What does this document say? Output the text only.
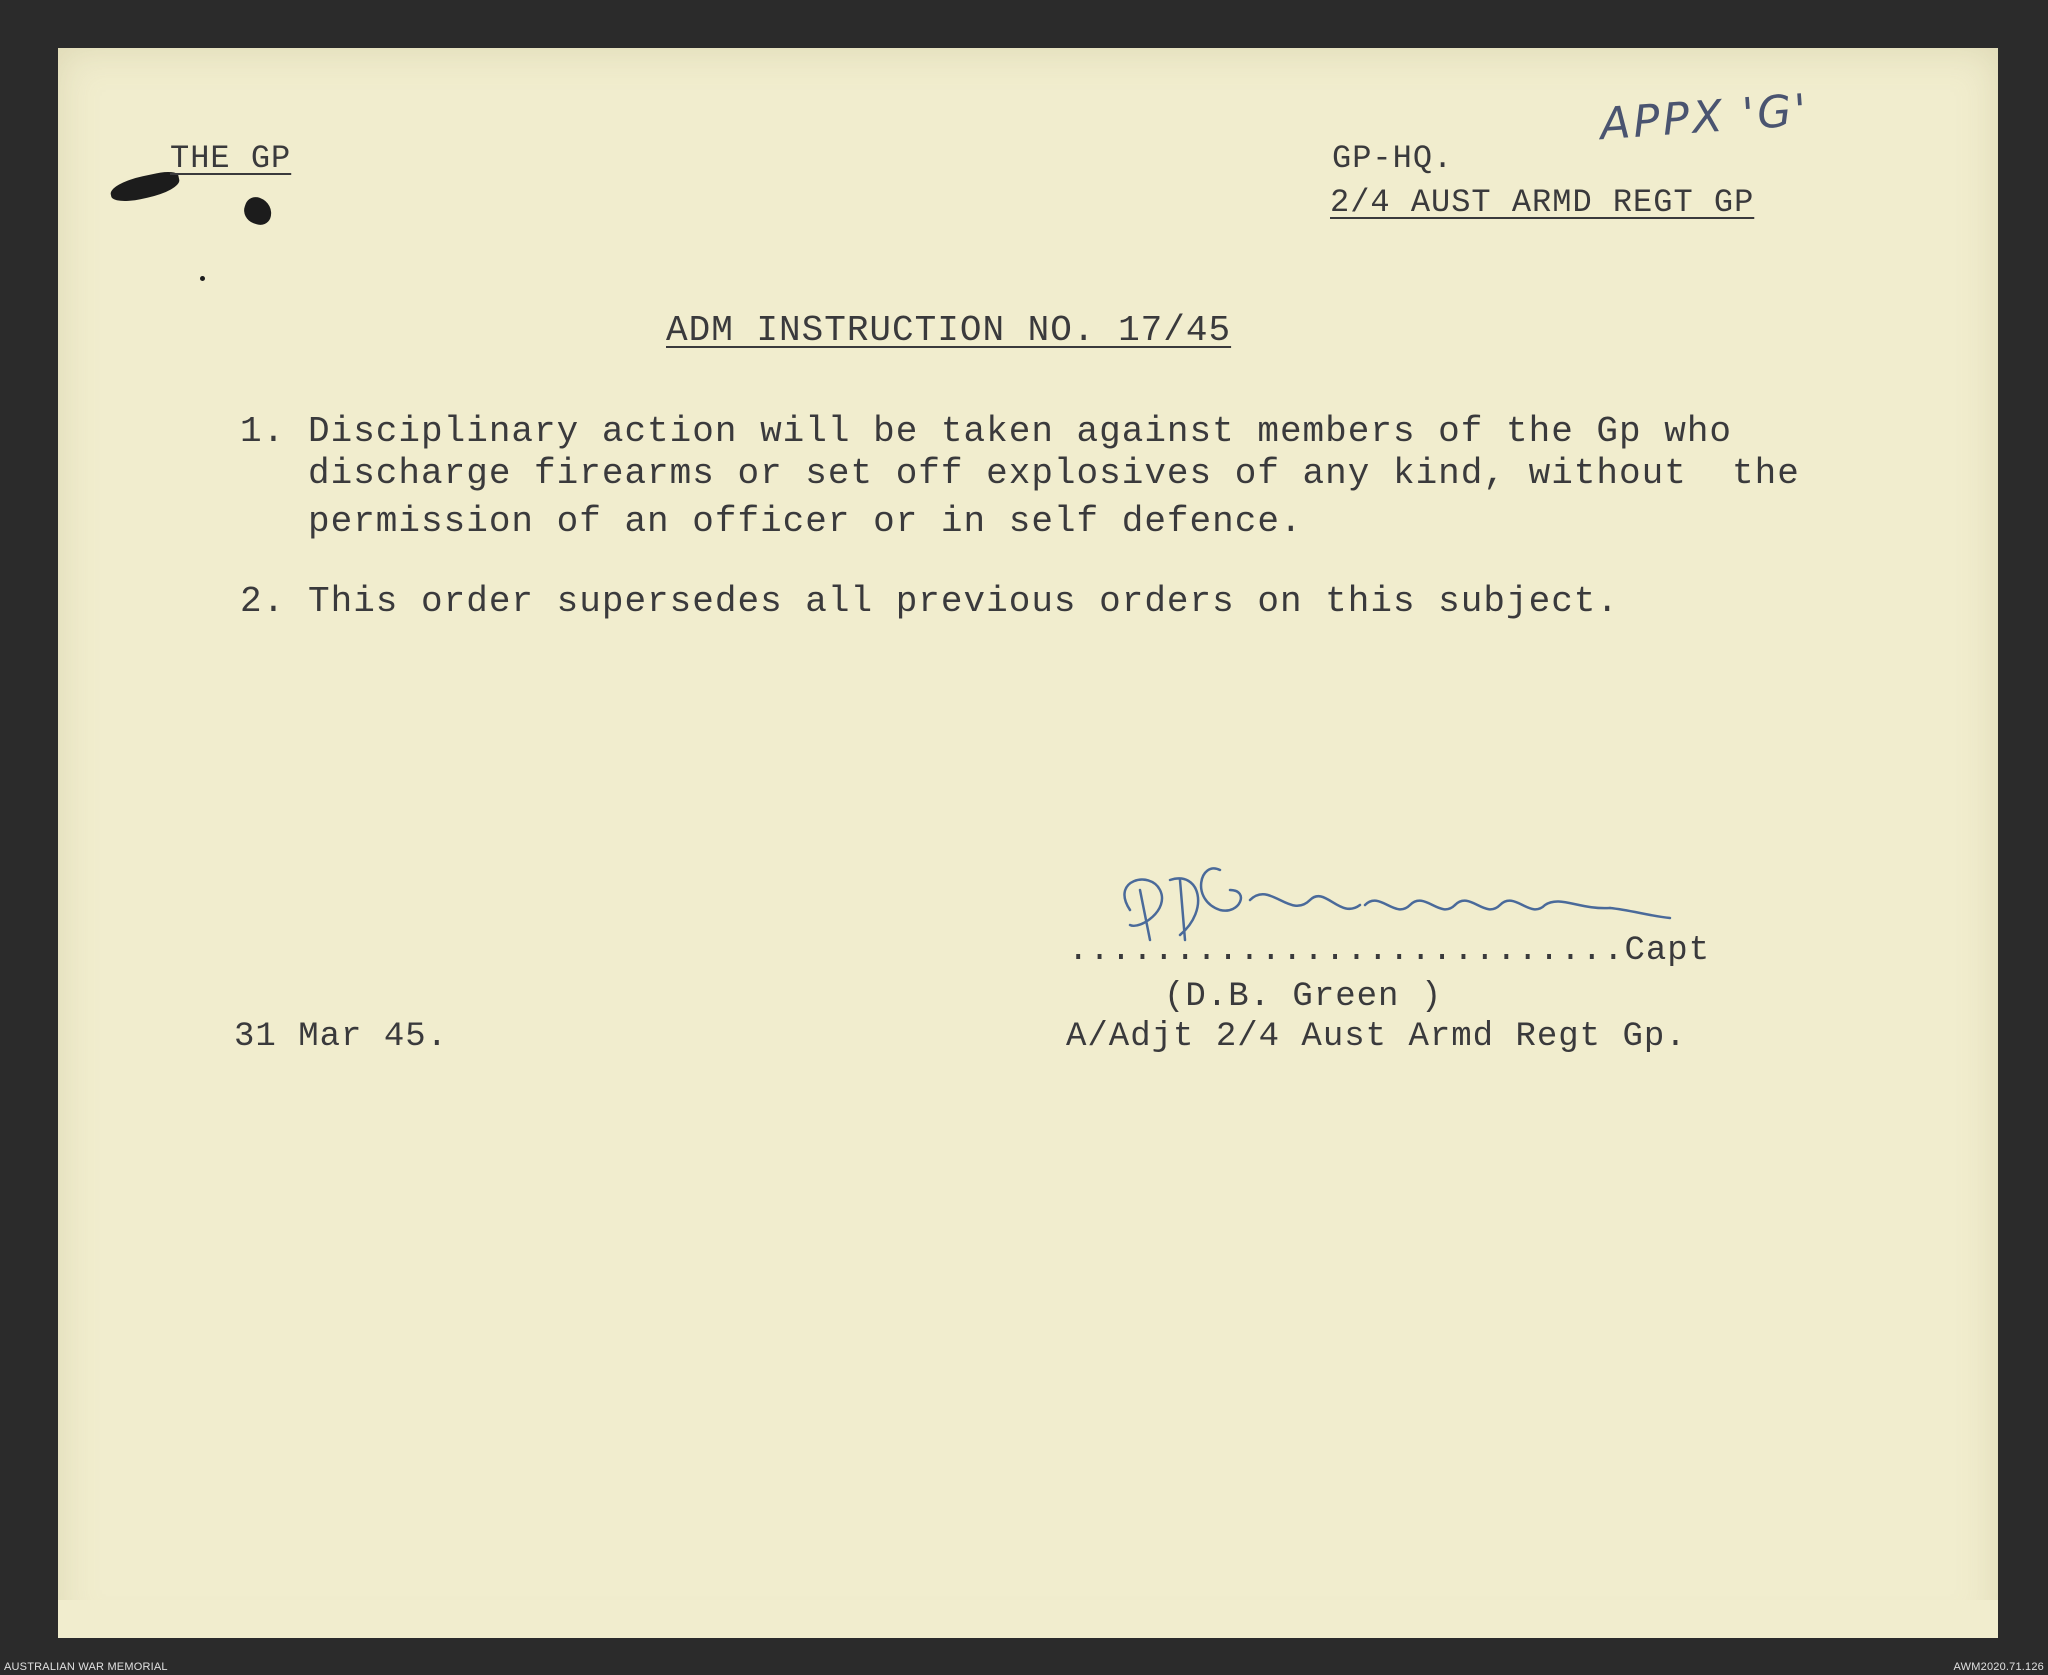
THE GP	GP-HQ.
2/4 AUST ARMD REGT GP
APPX 'G'
ADM INSTRUCTION NO. 17/45
1. Disciplinary action will be taken against members of the Gp who
discharge firearms or set off explosives of any kind, without  the
permission of an officer or in self defence.
2. This order supersedes all previous orders on this subject.
..........................Capt
(D.B. Green )
A/Adjt 2/4 Aust Armd Regt Gp.
31 Mar 45.
AUSTRALIAN WAR MEMORIAL	AWM2020.71.126
